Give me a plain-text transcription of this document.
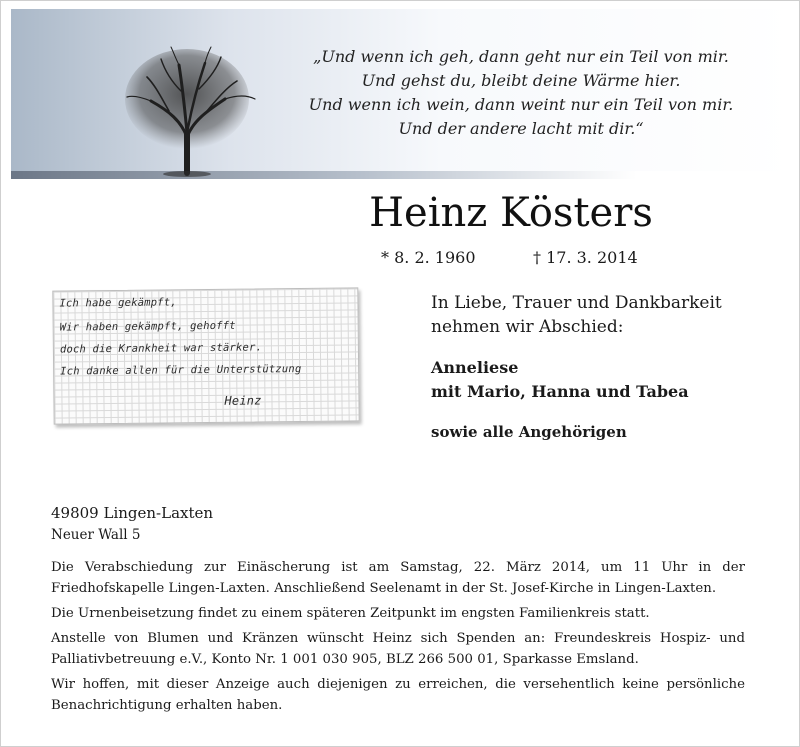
„Und wenn ich geh, dann geht nur ein Teil von mir.
Und gehst du, bleibt deine Wärme hier.
Und wenn ich wein, dann weint nur ein Teil von mir.
Und der andere lacht mit dir.“
Heinz Kösters
* 8. 2. 1960	† 17. 3. 2014
Ich habe gekämpft,
Wir haben gekämpft, gehofft
doch die Krankheit war stärker.
Ich danke allen für die Unterstützung
Heinz
In Liebe, Trauer und Dankbarkeit
nehmen wir Abschied:
Anneliese
mit Mario, Hanna und Tabea
sowie alle Angehörigen
49809 Lingen-Laxten
Neuer Wall 5

Die Verabschiedung zur Einäscherung ist am Samstag, 22. März 2014, um 11 Uhr in der Friedhofskapelle Lingen-Laxten. Anschließend Seelenamt in der St. Josef-Kirche in Lingen-Laxten.

Die Urnenbeisetzung findet zu einem späteren Zeitpunkt im engsten Familienkreis statt.

Anstelle von Blumen und Kränzen wünscht Heinz sich Spenden an: Freundeskreis Hospiz- und Palliativbetreuung e.V., Konto Nr. 1 001 030 905, BLZ 266 500 01, Sparkasse Emsland.

Wir hoffen, mit dieser Anzeige auch diejenigen zu erreichen, die versehentlich keine persönliche Benachrichtigung erhalten haben.
